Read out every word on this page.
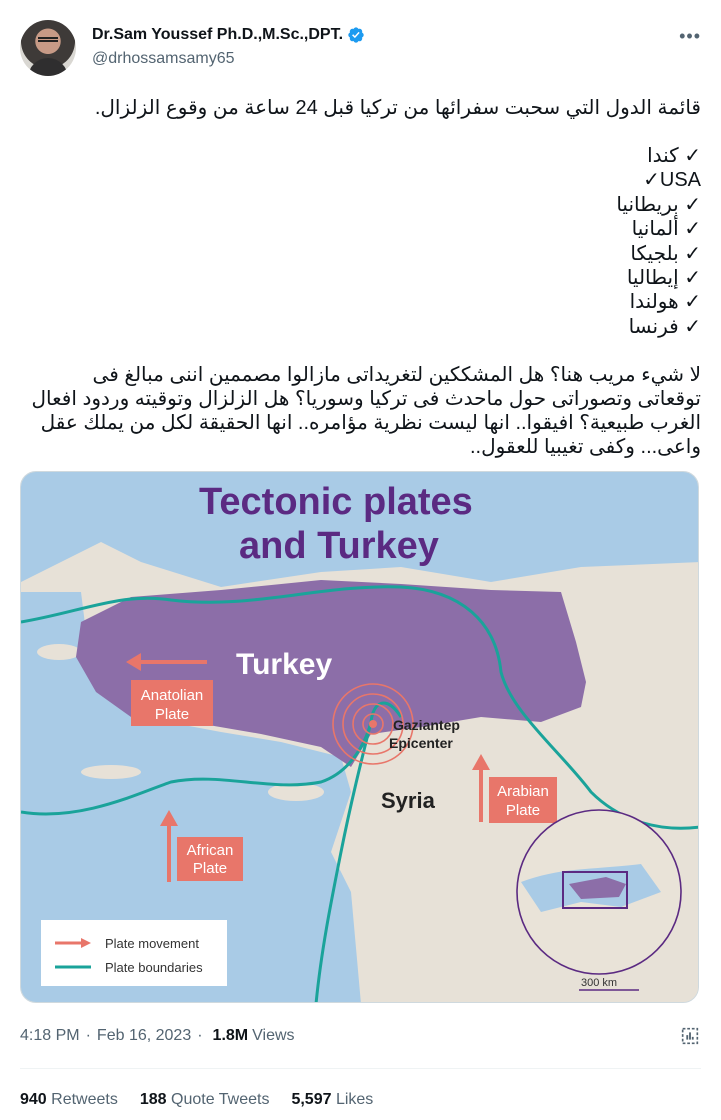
Dr.Sam Youssef Ph.D.,M.Sc.,DPT.
@drhossamsamy65
•••
قائمة الدول التي سحبت سفرائها من تركيا قبل 24 ساعة من وقوع الزلزال.
✓ كندا
USA✓
✓ بريطانيا
✓ ألمانيا
✓ بلجيكا
✓ إيطاليا
✓ هولندا
✓ فرنسا
لا شيء مريب هنا؟ هل المشككين لتغريداتى مازالوا مصممين اننى مبالغ فى
توقعاتى وتصوراتى حول ماحدث فى تركيا وسوريا؟ هل الزلزال وتوقيته وردود افعال
الغرب طبيعية؟ افيقوا.. انها ليست نظرية مؤامره.. انها الحقيقة لكل من يملك عقل
واعى... وكفى تغيبيا للعقول..
Tectonic plates
and Turkey
Turkey
Syria
Gaziantep
Epicenter
Anatolian
Plate
African
Plate
Arabian
Plate
Plate movement
Plate boundaries
300 km
4:18 PM · Feb 16, 2023 · 1.8M Views
940 Retweets 188 Quote Tweets 5,597 Likes
